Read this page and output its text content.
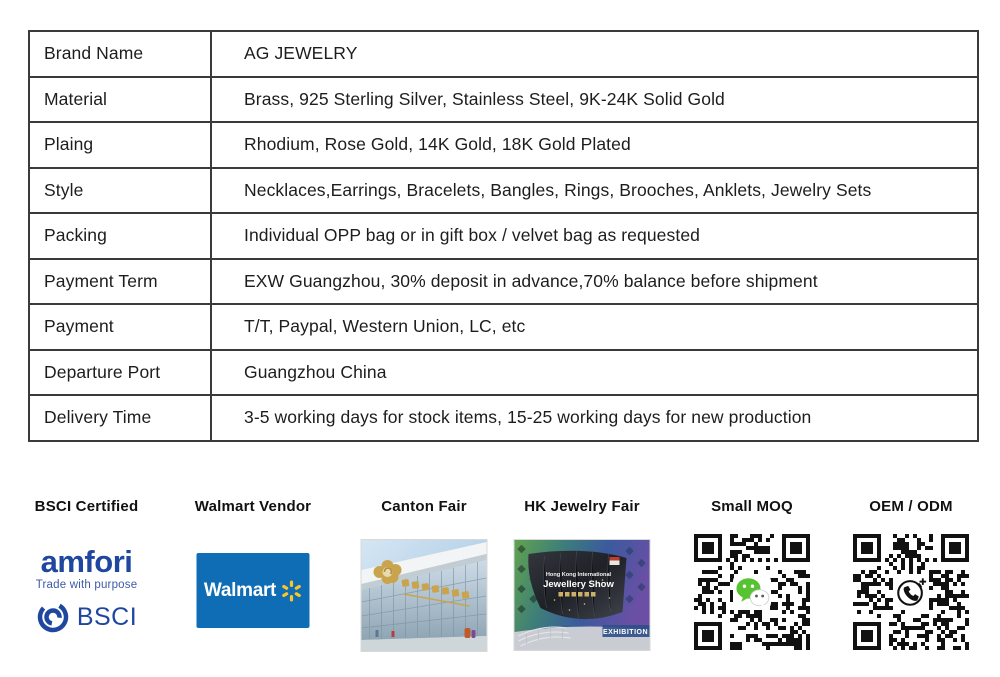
Brand Name	AG JEWELRY
Material	Brass, 925 Sterling Silver, Stainless Steel, 9K-24K Solid Gold
Plaing	Rhodium, Rose Gold, 14K Gold, 18K Gold Plated
Style	Necklaces,Earrings, Bracelets, Bangles, Rings, Brooches, Anklets, Jewelry Sets
Packing	Individual OPP bag or in gift box / velvet bag as requested
Payment Term	EXW Guangzhou, 30% deposit in advance,70% balance before shipment
Payment	T/T, Paypal, Western Union, LC, etc
Departure Port	Guangzhou China
Delivery Time	3-5 working days for stock items, 15-25 working days for new production
BSCI Certified
amfori
Trade with purpose
BSCI
Walmart Vendor
Walmart
Canton Fair	HK Jewelry Fair
Hong Kong International
Jewellery Show
EXHIBITION
Small MOQ	OEM / ODM
